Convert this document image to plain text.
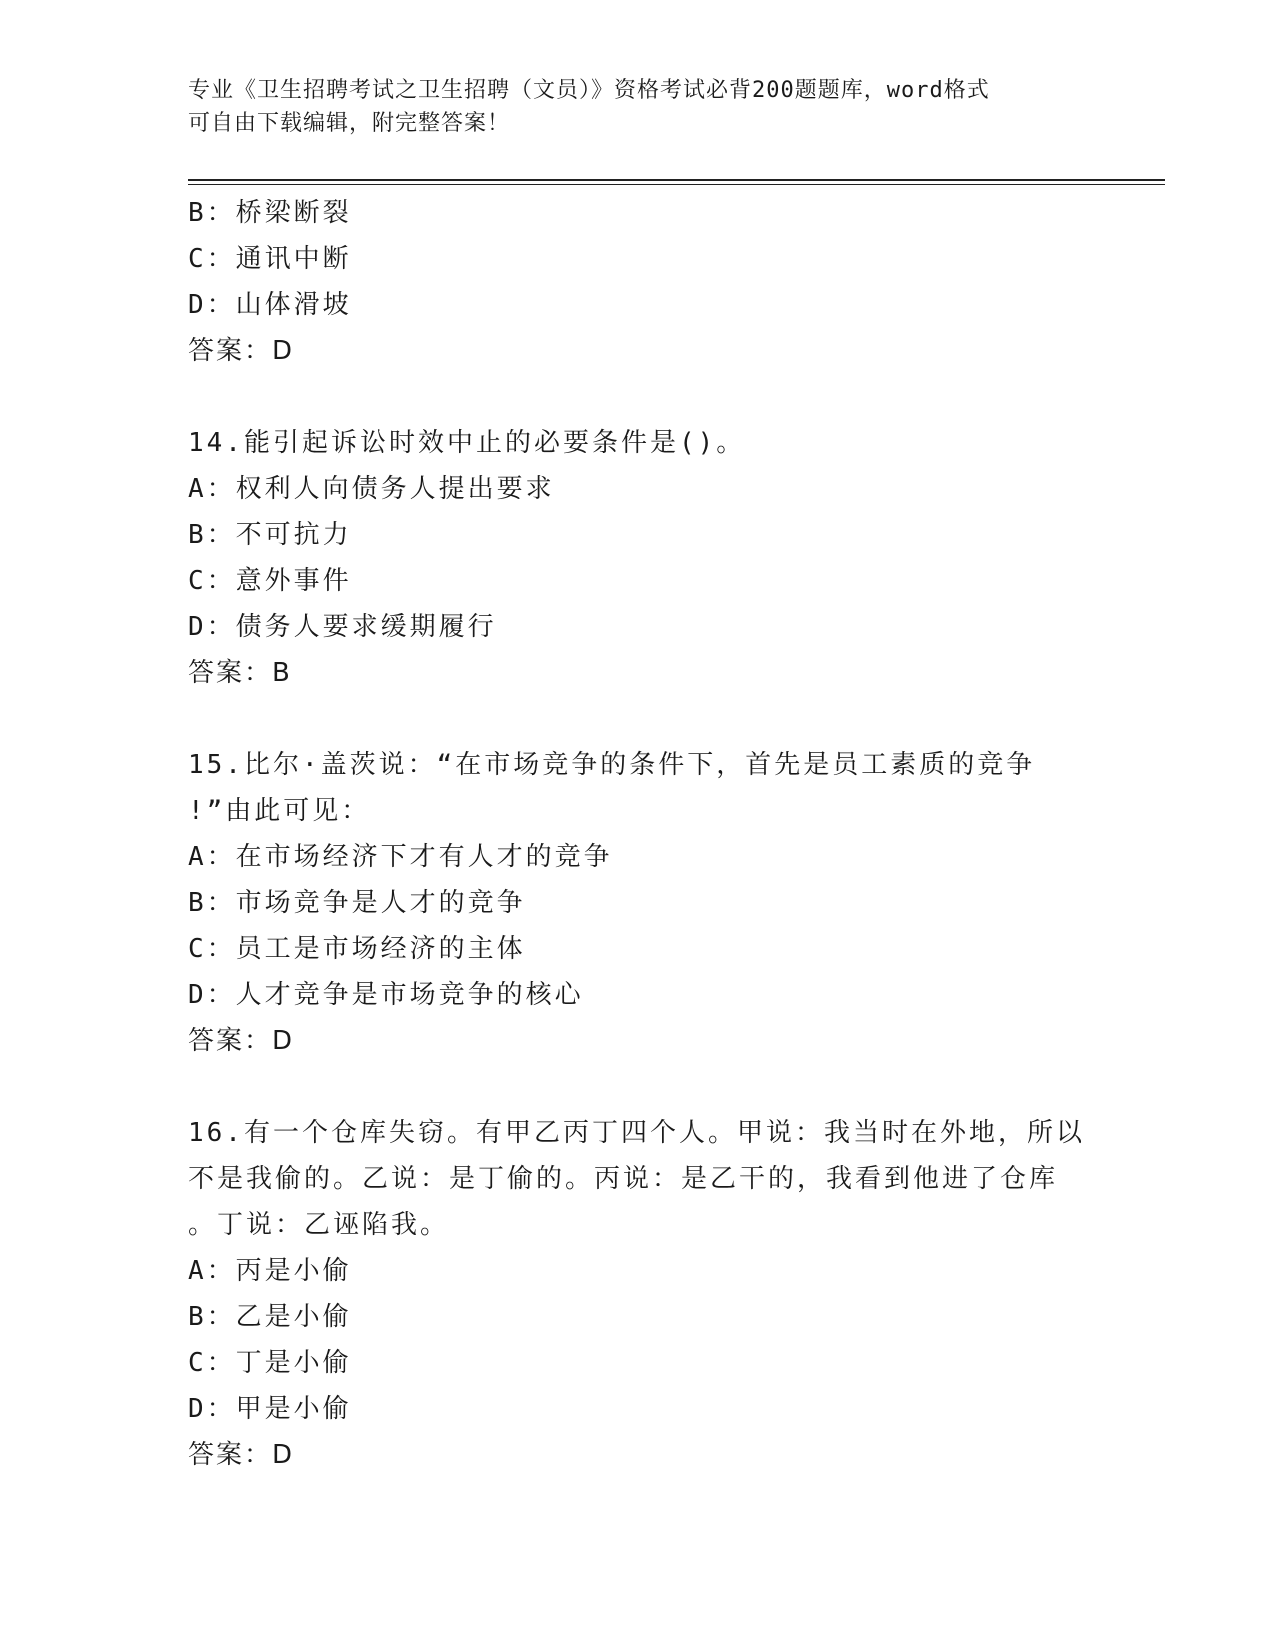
专业《卫生招聘考试之卫生招聘（文员）》资格考试必背200题题库，word格式
可自由下载编辑，附完整答案！
B：桥梁断裂
C：通讯中断
D：山体滑坡
答案：D
14.能引起诉讼时效中止的必要条件是()。
A：权利人向债务人提出要求
B：不可抗力
C：意外事件
D：债务人要求缓期履行
答案：B
15.比尔·盖茨说：“在市场竞争的条件下，首先是员工素质的竞争
!”由此可见：
A：在市场经济下才有人才的竞争
B：市场竞争是人才的竞争
C：员工是市场经济的主体
D：人才竞争是市场竞争的核心
答案：D
16.有一个仓库失窃。有甲乙丙丁四个人。甲说：我当时在外地，所以
不是我偷的。乙说：是丁偷的。丙说：是乙干的，我看到他进了仓库
。丁说：乙诬陷我。
A：丙是小偷
B：乙是小偷
C：丁是小偷
D：甲是小偷
答案：D
